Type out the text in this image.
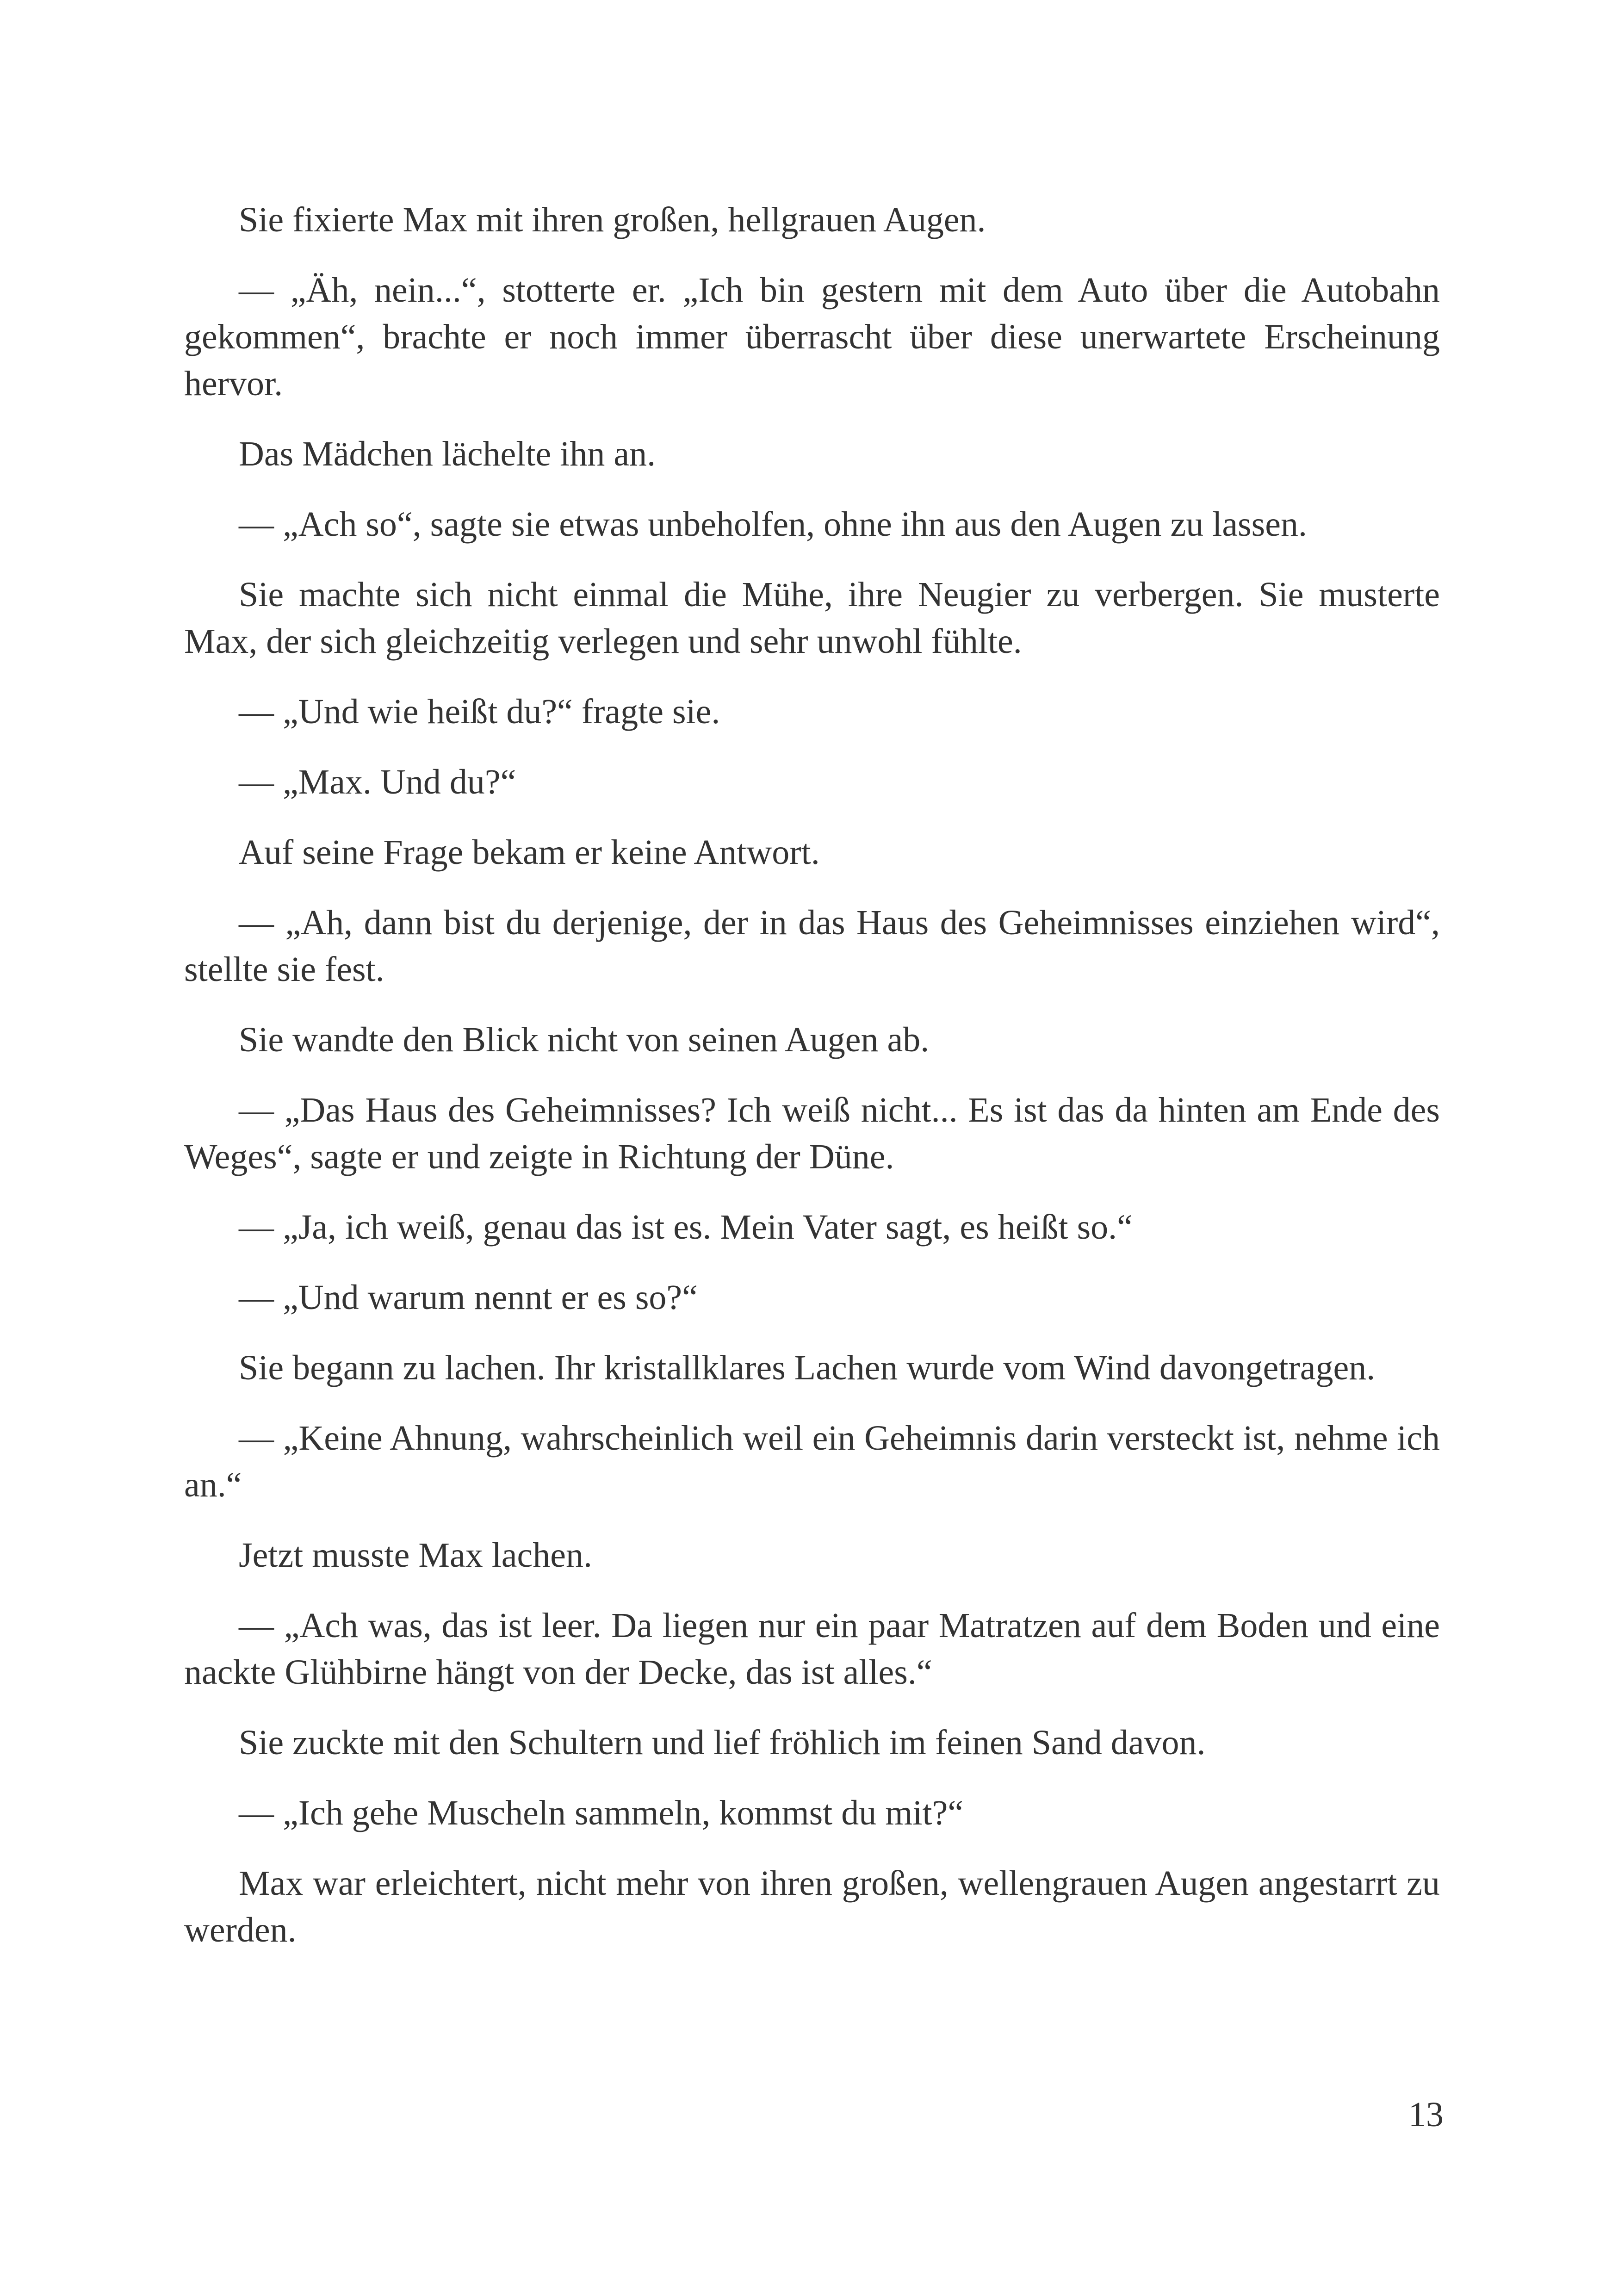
Sie fixierte Max mit ihren großen, hellgrauen Augen.

— „Äh, nein...“, stotterte er. „Ich bin gestern mit dem Auto über die Autobahn gekommen“, brachte er noch immer überrascht über diese unerwartete Erscheinung hervor.

Das Mädchen lächelte ihn an.

— „Ach so“, sagte sie etwas unbeholfen, ohne ihn aus den Augen zu lassen.

Sie machte sich nicht einmal die Mühe, ihre Neugier zu verbergen. Sie musterte Max, der sich gleichzeitig verlegen und sehr unwohl fühlte.

— „Und wie heißt du?“ fragte sie.

— „Max. Und du?“

Auf seine Frage bekam er keine Antwort.

— „Ah, dann bist du derjenige, der in das Haus des Geheimnisses einziehen wird“, stellte sie fest.

Sie wandte den Blick nicht von seinen Augen ab.

— „Das Haus des Geheimnisses? Ich weiß nicht... Es ist das da hinten am Ende des Weges“, sagte er und zeigte in Richtung der Düne.

— „Ja, ich weiß, genau das ist es. Mein Vater sagt, es heißt so.“

— „Und warum nennt er es so?“

Sie begann zu lachen. Ihr kristallklares Lachen wurde vom Wind davongetragen.

— „Keine Ahnung, wahrscheinlich weil ein Geheimnis darin versteckt ist, nehme ich an.“

Jetzt musste Max lachen.

— „Ach was, das ist leer. Da liegen nur ein paar Matratzen auf dem Boden und eine nackte Glühbirne hängt von der Decke, das ist alles.“

Sie zuckte mit den Schultern und lief fröhlich im feinen Sand davon.

— „Ich gehe Muscheln sammeln, kommst du mit?“

Max war erleichtert, nicht mehr von ihren großen, wellengrauen Augen angestarrt zu werden.

13
